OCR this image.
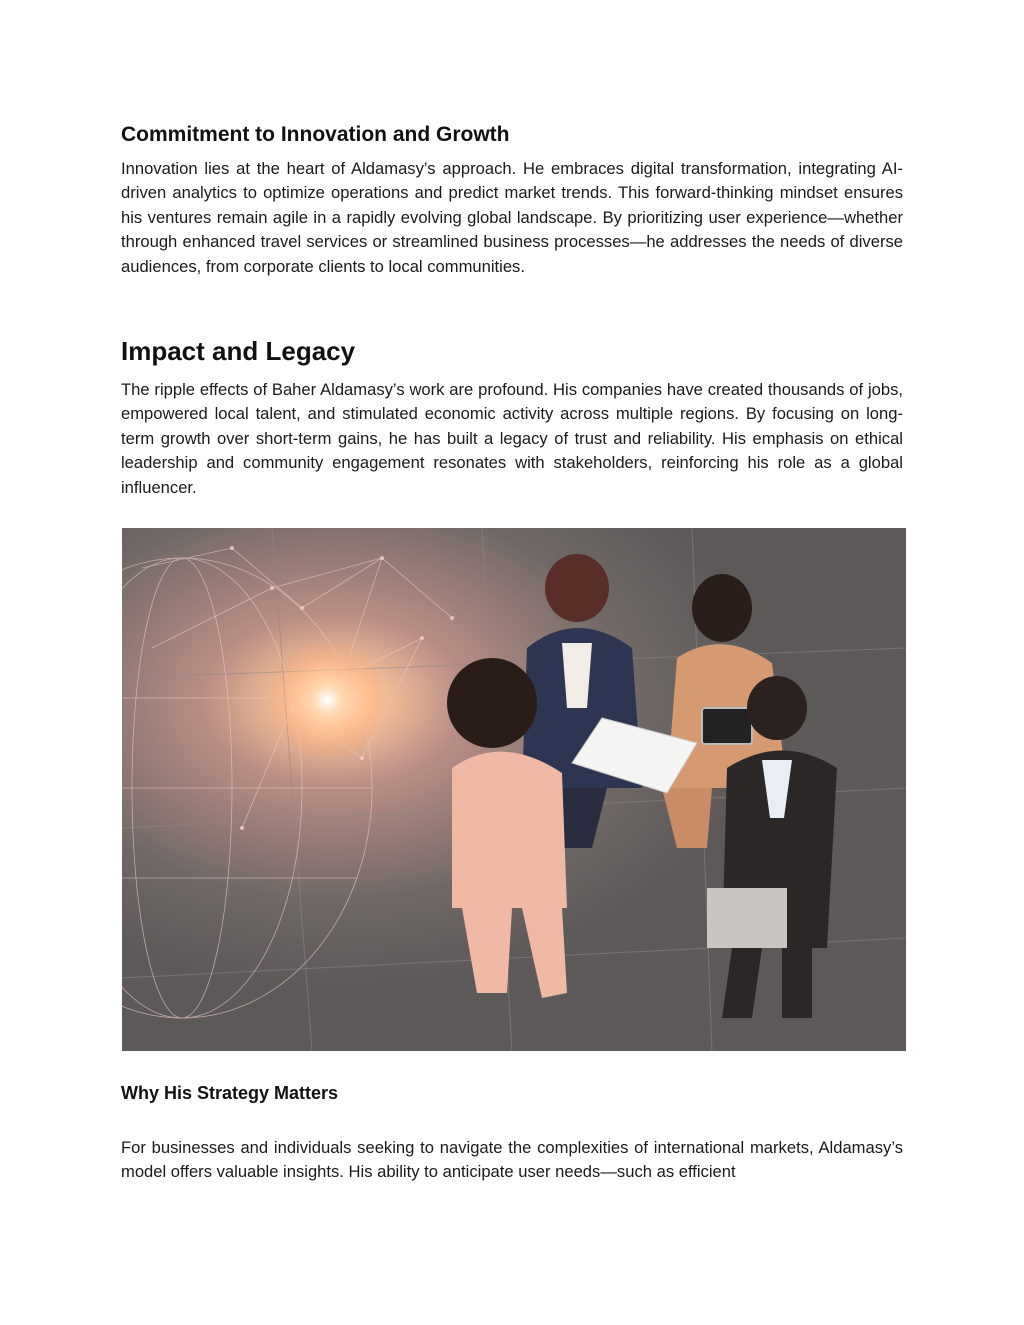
Commitment to Innovation and Growth

Innovation lies at the heart of Aldamasy’s approach. He embraces digital transformation, integrating AI-driven analytics to optimize operations and predict market trends. This forward-thinking mindset ensures his ventures remain agile in a rapidly evolving global landscape. By prioritizing user experience—whether through enhanced travel services or streamlined business processes—he addresses the needs of diverse audiences, from corporate clients to local communities.

Impact and Legacy

The ripple effects of Baher Aldamasy’s work are profound. His companies have created thousands of jobs, empowered local talent, and stimulated economic activity across multiple regions. By focusing on long-term growth over short-term gains, he has built a legacy of trust and reliability. His emphasis on ethical leadership and community engagement resonates with stakeholders, reinforcing his role as a global influencer.

Why His Strategy Matters

For businesses and individuals seeking to navigate the complexities of international markets, Aldamasy’s model offers valuable insights. His ability to anticipate user needs—such as efficient
